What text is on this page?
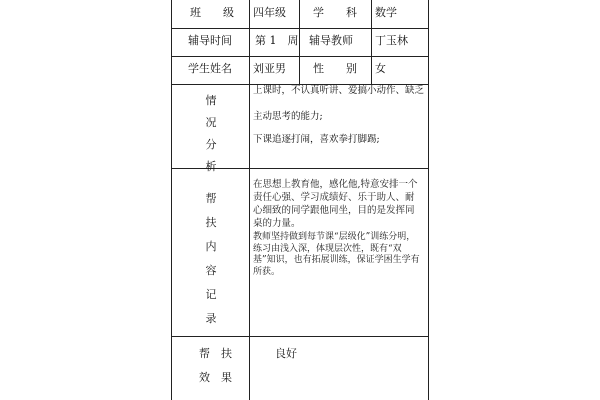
班　　级 四年级 学　　科 数学
辅导时间 第 1　周 辅导教师 丁玉林
学生姓名 刘亚男 性　　别 女
情
况
分
析
上课时，不认真听讲、爱搞小动作、缺乏
主动思考的能力;
下课追逐打闹，喜欢拳打脚踢;
帮
扶
内
容
记
录
在思想上教育他，感化他,特意安排一个责任心强、学习成绩好、乐于助人、耐心细致的同学跟他同坐，目的是发挥同桌的力量。
教师坚持做到每节课“层级化”训练分明，练习由浅入深，体现层次性，既有“双基”知识，也有拓展训练，保证学困生学有所获。
帮　扶
效　果
良好
